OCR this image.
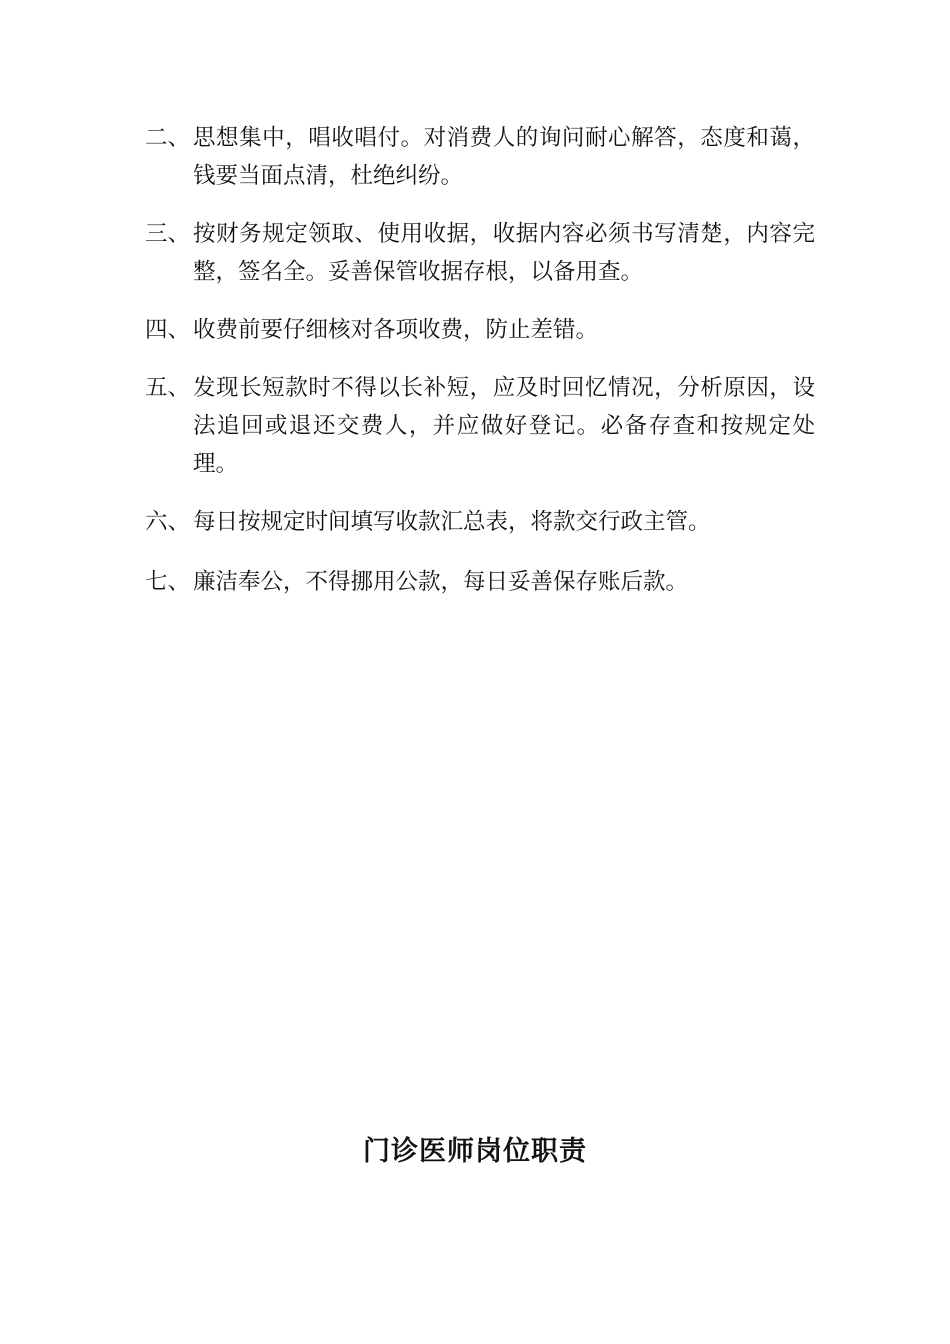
二、 思想集中，唱收唱付。对消费人的询问耐心解答，态度和蔼，钱要当面点清，杜绝纠纷。
三、 按财务规定领取、使用收据，收据内容必须书写清楚，内容完整，签名全。妥善保管收据存根，以备用查。
四、 收费前要仔细核对各项收费，防止差错。
五、 发现长短款时不得以长补短，应及时回忆情况，分析原因，设法追回或退还交费人，并应做好登记。必备存查和按规定处理。
六、 每日按规定时间填写收款汇总表，将款交行政主管。
七、 廉洁奉公，不得挪用公款，每日妥善保存账后款。
门诊医师岗位职责
